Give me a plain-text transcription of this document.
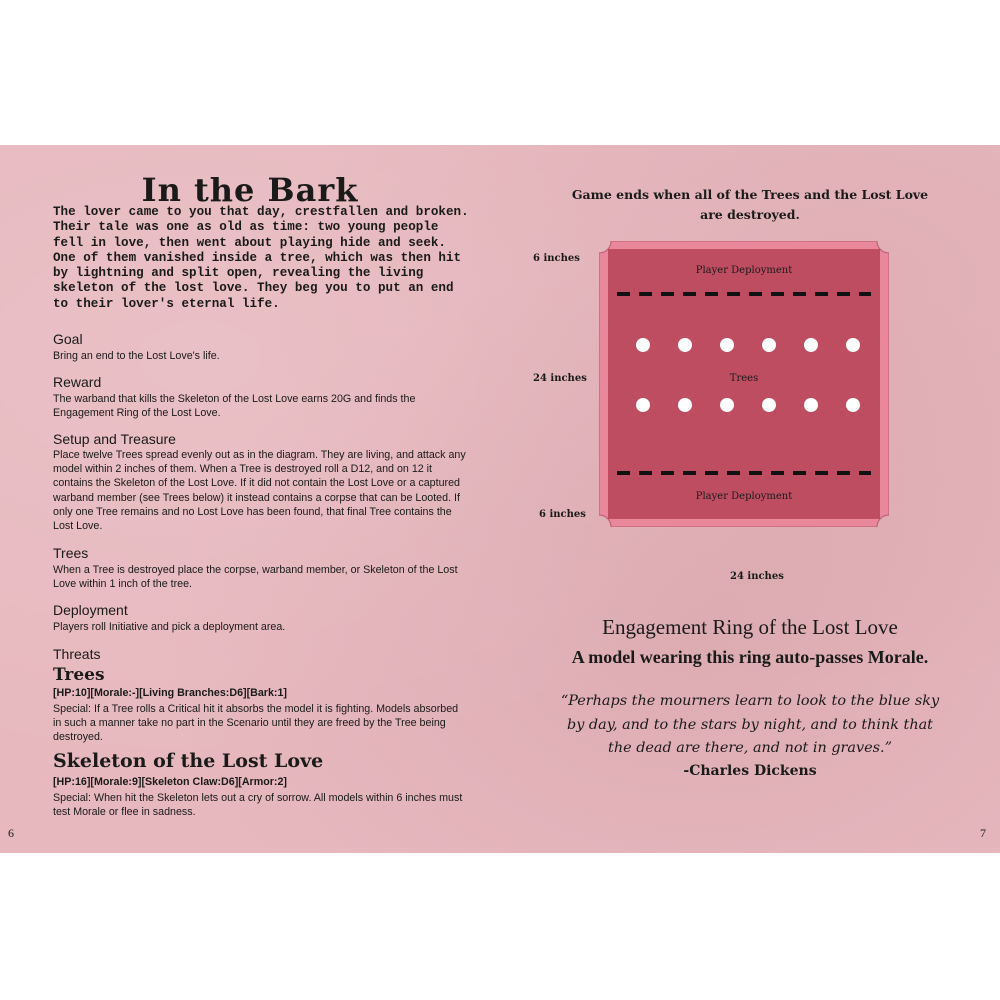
In the Bark
The lover came to you that day, crestfallen and broken. Their tale was one as old as time: two young people fell in love, then went about playing hide and seek. One of them vanished inside a tree, which was then hit by lightning and split open, revealing the living skeleton of the lost love. They beg you to put an end to their lover's eternal life.
Goal
Bring an end to the Lost Love's life.
Reward
The warband that kills the Skeleton of the Lost Love earns 20G and finds the Engagement Ring of the Lost Love.
Setup and Treasure
Place twelve Trees spread evenly out as in the diagram. They are living, and attack any model within 2 inches of them. When a Tree is destroyed roll a D12, and on 12 it contains the Skeleton of the Lost Love. If it did not contain the Lost Love or a captured warband member (see Trees below) it instead contains a corpse that can be Looted. If only one Tree remains and no Lost Love has been found, that final Tree contains the Lost Love.
Trees
When a Tree is destroyed place the corpse, warband member, or Skeleton of the Lost Love within 1 inch of the tree.
Deployment
Players roll Initiative and pick a deployment area.
Threats
Trees
[HP:10][Morale:-][Living Branches:D6][Bark:1]
Special: If a Tree rolls a Critical hit it absorbs the model it is fighting. Models absorbed in such a manner take no part in the Scenario until they are freed by the Tree being destroyed.
Skeleton of the Lost Love
[HP:16][Morale:9][Skeleton Claw:D6][Armor:2]
Special: When hit the Skeleton lets out a cry of sorrow. All models within 6 inches must test Morale or flee in sadness.
6
Game ends when all of the Trees and the Lost Love
are destroyed.
6 inches
24 inches
6 inches
24 inches
Player Deployment
Trees
Player Deployment
Engagement Ring of the Lost Love
A model wearing this ring auto-passes Morale.
“Perhaps the mourners learn to look to the blue sky
by day, and to the stars by night, and to think that
the dead are there, and not in graves.”
-Charles Dickens
7
